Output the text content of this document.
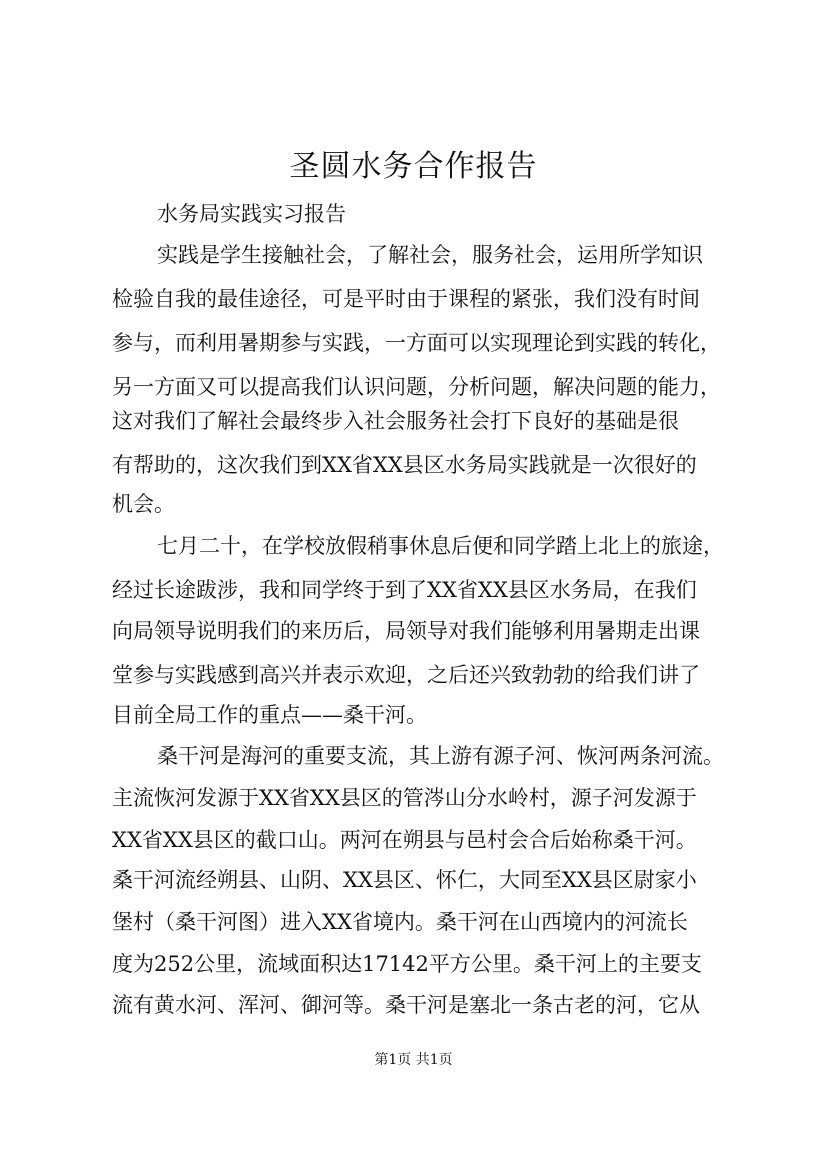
圣圆水务合作报告

水务局实践实习报告

实践是学生接触社会，了解社会，服务社会，运用所学知识

检验自我的最佳途径，可是平时由于课程的紧张，我们没有时间

参与，而利用暑期参与实践，一方面可以实现理论到实践的转化，

另一方面又可以提高我们认识问题，分析问题，解决问题的能力，

这对我们了解社会最终步入社会服务社会打下良好的基础是很

有帮助的，这次我们到XX省XX县区水务局实践就是一次很好的

机会。

七月二十，在学校放假稍事休息后便和同学踏上北上的旅途，

经过长途跋涉，我和同学终于到了XX省XX县区水务局，在我们

向局领导说明我们的来历后，局领导对我们能够利用暑期走出课

堂参与实践感到高兴并表示欢迎，之后还兴致勃勃的给我们讲了

目前全局工作的重点——桑干河。

桑干河是海河的重要支流，其上游有源子河、恢河两条河流。

主流恢河发源于XX省XX县区的管涔山分水岭村，源子河发源于

XX省XX县区的截口山。两河在朔县与邑村会合后始称桑干河。

桑干河流经朔县、山阴、XX县区、怀仁，大同至XX县区尉家小

堡村（桑干河图）进入XX省境内。桑干河在山西境内的河流长

度为252公里，流域面积达17142平方公里。桑干河上的主要支

流有黄水河、浑河、御河等。桑干河是塞北一条古老的河，它从

第1页 共1页
